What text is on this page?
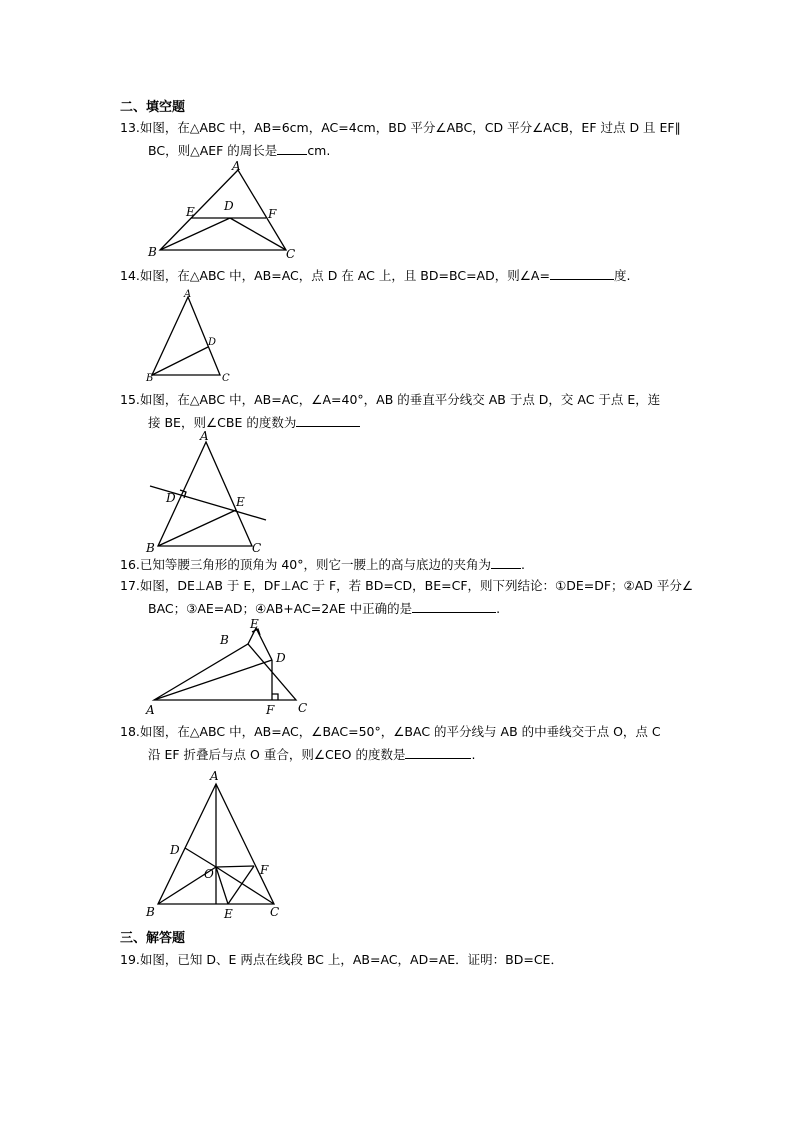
二、填空题
13.如图，在△ABC 中，AB=6cm，AC=4cm，BD 平分∠ABC，CD 平分∠ACB，EF 过点 D 且 EF∥
BC，则△AEF 的周长是 cm.
A
B	C
D
E	F
14.如图，在△ABC 中，AB=AC，点 D 在 AC 上，且 BD=BC=AD，则∠A=	度.
A
B	C
D
15.如图，在△ABC 中，AB=AC，∠A=40°，AB 的垂直平分线交 AB 于点 D，交 AC 于点 E，连
接 BE，则∠CBE 的度数为
A
B	C
D	E
16.已知等腰三角形的顶角为 40°，则它一腰上的高与底边的夹角为 .
17.如图，DE⊥AB 于 E，DF⊥AC 于 F，若 BD=CD，BE=CF，则下列结论：①DE=DF；②AD 平分∠
BAC；③AE=AD；④AB+AC=2AE 中正确的是	.
A
B
C
D
E
F
18.如图，在△ABC 中，AB=AC，∠BAC=50°，∠BAC 的平分线与 AB 的中垂线交于点 O，点 C
沿 EF 折叠后与点 O 重合，则∠CEO 的度数是	.
A
B	C
D
E
F
O
三、解答题
19.如图，已知 D、E 两点在线段 BC 上，AB=AC，AD=AE．证明：BD=CE．
